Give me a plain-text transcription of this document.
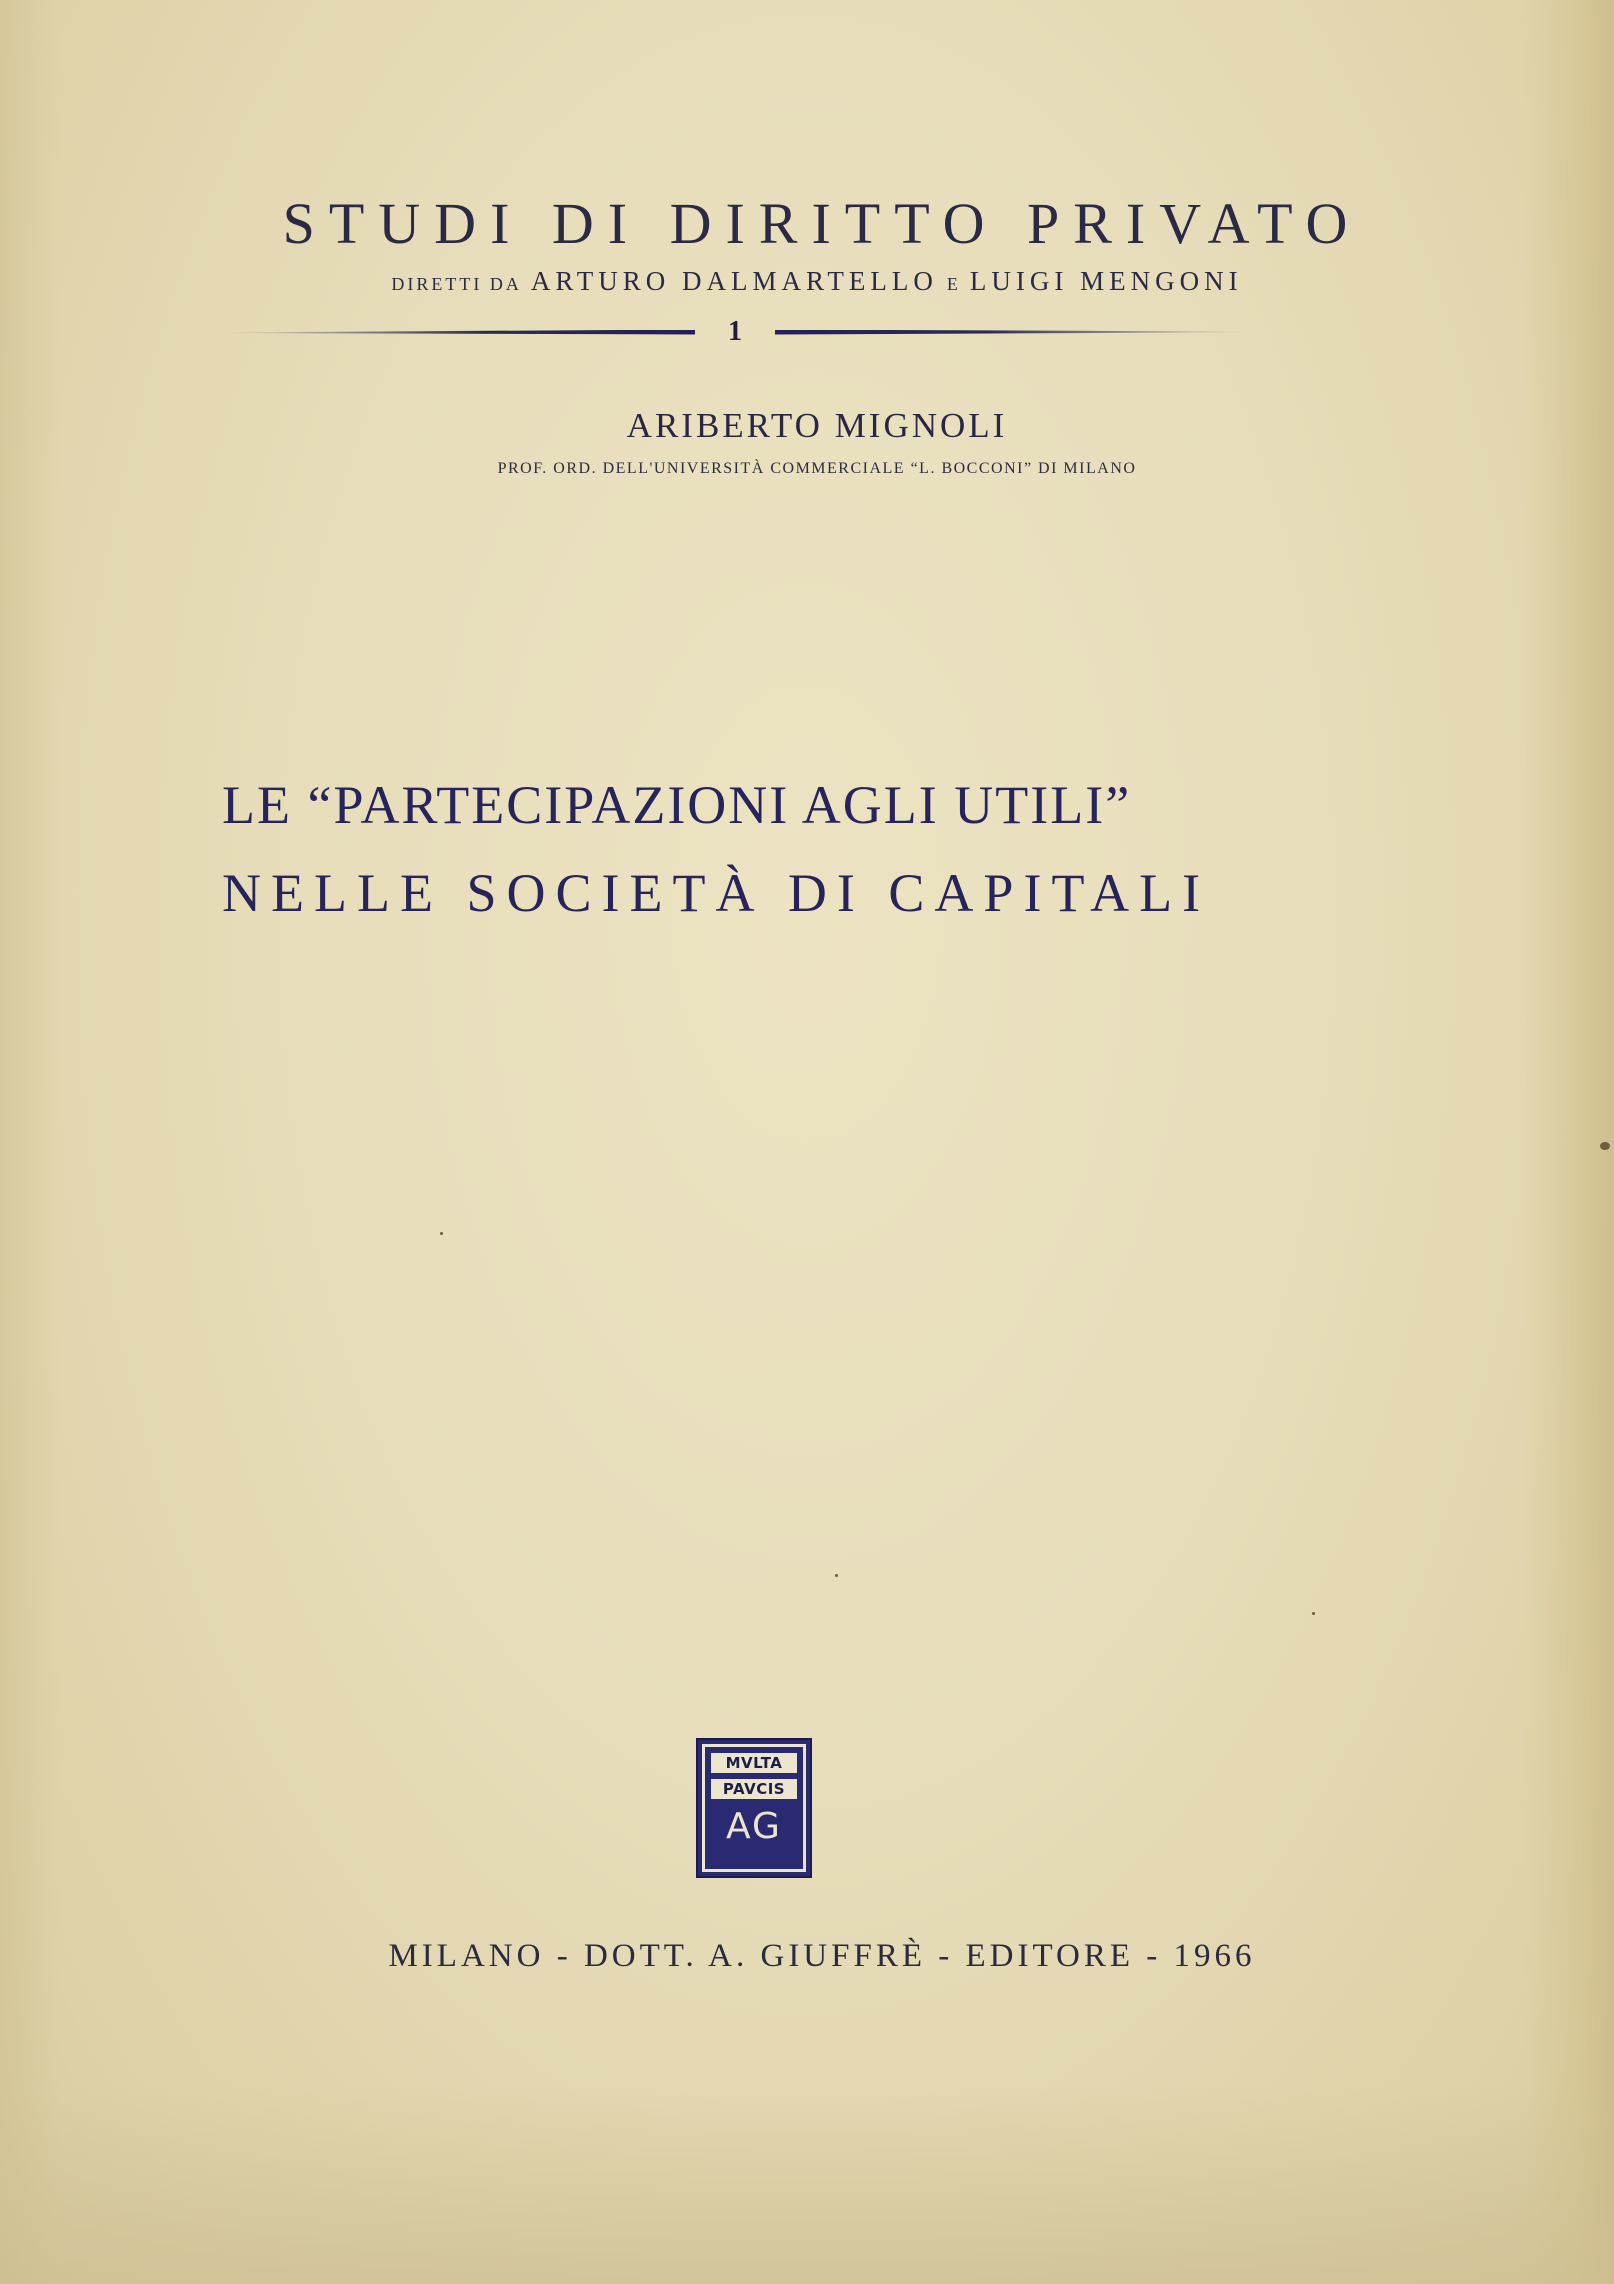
STUDI DI DIRITTO PRIVATO
DIRETTI DA ARTURO DALMARTELLO E LUIGI MENGONI
1
ARIBERTO MIGNOLI
PROF. ORD. DELL'UNIVERSITÀ COMMERCIALE “L. BOCCONI” DI MILANO
LE “PARTECIPAZIONI AGLI UTILI”
NELLE SOCIETÀ DI CAPITALI
MVLTA
PAVCIS
AG
MILANO - DOTT. A. GIUFFRÈ - EDITORE - 1966
